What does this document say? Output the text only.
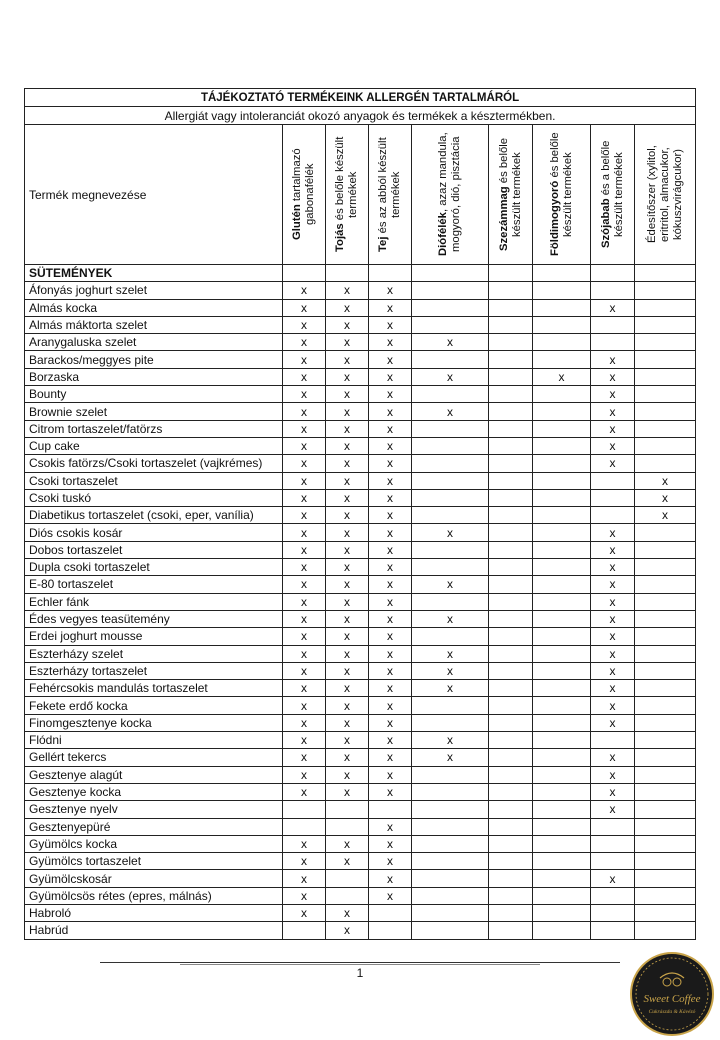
TÁJÉKOZTATÓ TERMÉKEINK ALLERGÉN TARTALMÁRÓL								
Allergiát vagy intoleranciát okozó anyagok és termékek a késztermékben.								
Termék megnevezése	Glutén tartalmazó gabonafélék	Tojás és belőle készült termékek	Tej és az abból készült termékek	Diófélék, azaz mandula, mogyoró, dió, pisztácia	Szezámmag és belőle készült termékek	Földimogyoró és belőle készült termékek	Szójabab és a belőle készült termékek	Édesítőszer (xylitol, eritritol, almacukor, kókuszvirágcukor)

SÜTEMÉNYEK								
Áfonyás joghurt szelet	x	x	x					
Almás kocka	x	x	x				x	
Almás máktorta szelet	x	x	x					
Aranygaluska szelet	x	x	x	x				
Barackos/meggyes pite	x	x	x				x	
Borzaska	x	x	x	x		x	x	
Bounty	x	x	x				x	
Brownie szelet	x	x	x	x			x	
Citrom tortaszelet/fatörzs	x	x	x				x	
Cup cake	x	x	x				x	
Csokis fatörzs/Csoki tortaszelet (vajkrémes)	x	x	x				x	
Csoki tortaszelet	x	x	x					x
Csoki tuskó	x	x	x					x
Diabetikus tortaszelet (csoki, eper, vanília)	x	x	x					x
Diós csokis kosár	x	x	x	x			x	
Dobos tortaszelet	x	x	x				x	
Dupla csoki tortaszelet	x	x	x				x	
E-80 tortaszelet	x	x	x	x			x	
Echler fánk	x	x	x				x	
Édes vegyes teasütemény	x	x	x	x			x	
Erdei joghurt mousse	x	x	x				x	
Eszterházy szelet	x	x	x	x			x	
Eszterházy tortaszelet	x	x	x	x			x	
Fehércsokis mandulás tortaszelet	x	x	x	x			x	
Fekete erdő kocka	x	x	x				x	
Finomgesztenye kocka	x	x	x				x	
Flódni	x	x	x	x				
Gellért tekercs	x	x	x	x			x	
Gesztenye alagút	x	x	x				x	
Gesztenye kocka	x	x	x				x	
Gesztenye nyelv							x	
Gesztenyepüré			x					
Gyümölcs kocka	x	x	x					
Gyümölcs tortaszelet	x	x	x					
Gyümölcskosár	x		x				x	
Gyümölcsös rétes (epres, málnás)	x		x					
Habroló	x	x						
Habrúd		x						
1
Sweet Coffee
Cukrászda & Kávézó
